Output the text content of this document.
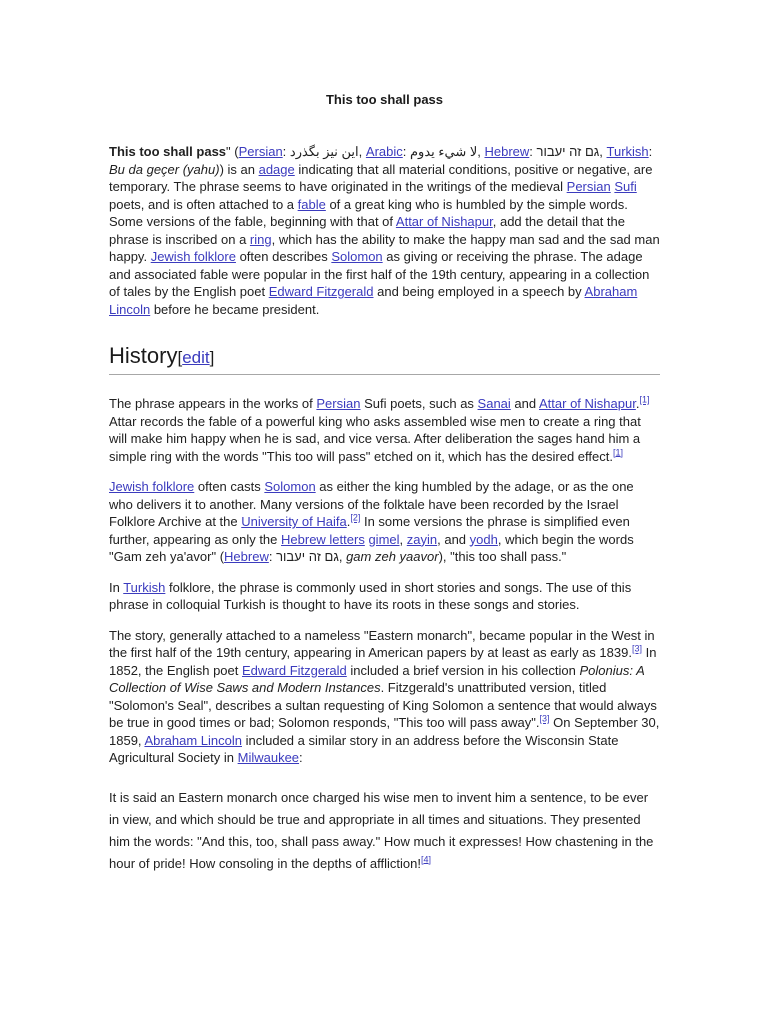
This too shall pass

This too shall pass" (Persian: این نیز بگذرد, Arabic: لا شيء يدوم, Hebrew: גם זה יעבור, Turkish: Bu da geçer (yahu)) is an adage indicating that all material conditions, positive or negative, are temporary. The phrase seems to have originated in the writings of the medieval Persian Sufi poets, and is often attached to a fable of a great king who is humbled by the simple words. Some versions of the fable, beginning with that of Attar of Nishapur, add the detail that the phrase is inscribed on a ring, which has the ability to make the happy man sad and the sad man happy. Jewish folklore often describes Solomon as giving or receiving the phrase. The adage and associated fable were popular in the first half of the 19th century, appearing in a collection of tales by the English poet Edward Fitzgerald and being employed in a speech by Abraham Lincoln before he became president.

History[edit]

The phrase appears in the works of Persian Sufi poets, such as Sanai and Attar of Nishapur.[1] Attar records the fable of a powerful king who asks assembled wise men to create a ring that will make him happy when he is sad, and vice versa. After deliberation the sages hand him a simple ring with the words "This too will pass" etched on it, which has the desired effect.[1]

Jewish folklore often casts Solomon as either the king humbled by the adage, or as the one who delivers it to another. Many versions of the folktale have been recorded by the Israel Folklore Archive at the University of Haifa.[2] In some versions the phrase is simplified even further, appearing as only the Hebrew letters gimel, zayin, and yodh, which begin the words "Gam zeh ya'avor" (Hebrew: גם זה יעבור, gam zeh yaavor), "this too shall pass."

In Turkish folklore, the phrase is commonly used in short stories and songs. The use of this phrase in colloquial Turkish is thought to have its roots in these songs and stories.

The story, generally attached to a nameless "Eastern monarch", became popular in the West in the first half of the 19th century, appearing in American papers by at least as early as 1839.[3] In 1852, the English poet Edward Fitzgerald included a brief version in his collection Polonius: A Collection of Wise Saws and Modern Instances. Fitzgerald's unattributed version, titled "Solomon's Seal", describes a sultan requesting of King Solomon a sentence that would always be true in good times or bad; Solomon responds, "This too will pass away".[3] On September 30, 1859, Abraham Lincoln included a similar story in an address before the Wisconsin State Agricultural Society in Milwaukee:

It is said an Eastern monarch once charged his wise men to invent him a sentence, to be ever in view, and which should be true and appropriate in all times and situations. They presented him the words: "And this, too, shall pass away." How much it expresses! How chastening in the hour of pride! How consoling in the depths of affliction![4]
